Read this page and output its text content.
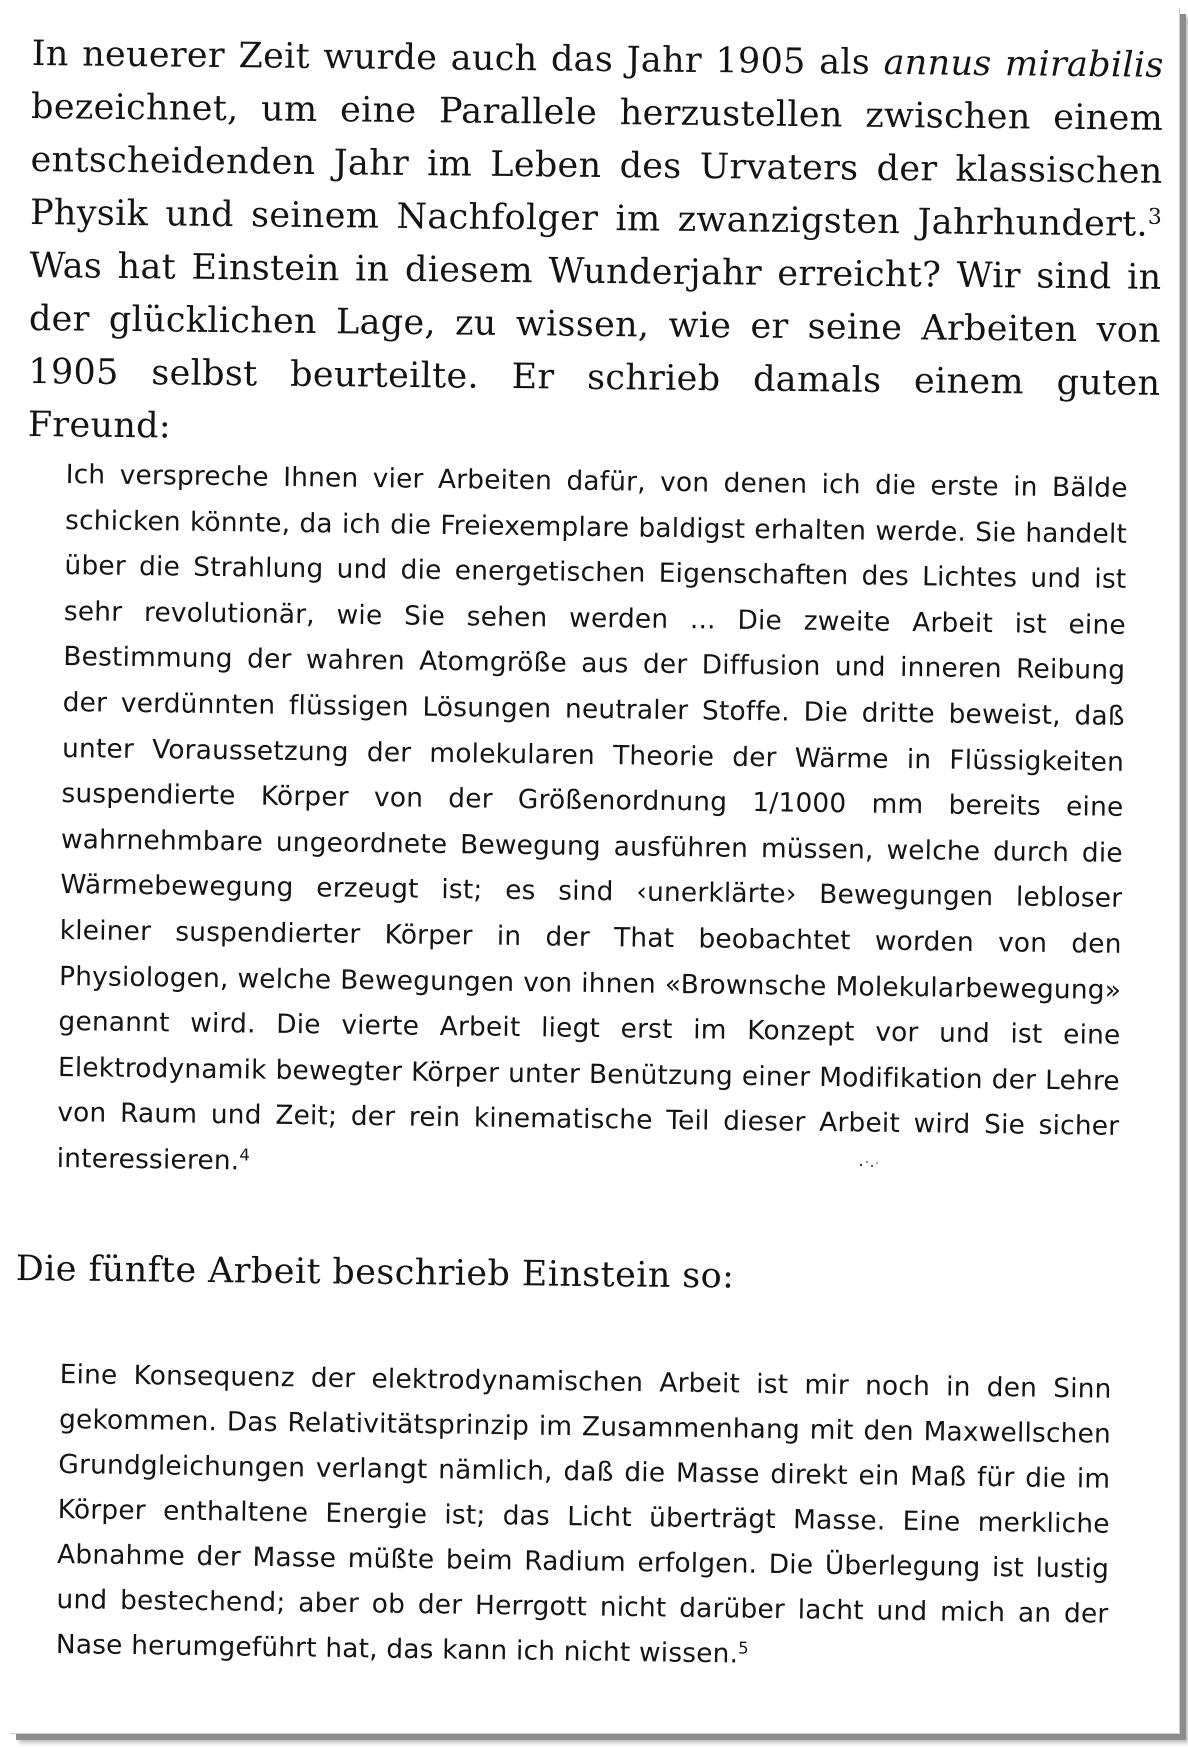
In neuerer Zeit wurde auch das Jahr 1905 als annus mirabilis bezeichnet, um eine Parallele herzustellen zwischen einem entscheidenden Jahr im Leben des Urvaters der klassischen Physik und seinem Nachfolger im zwanzigsten Jahrhundert.$^3$ Was hat Einstein in diesem Wunderjahr erreicht? Wir sind in der glücklichen Lage, zu wissen, wie er seine Arbeiten von 1905 selbst beurteilte. Er schrieb damals einem guten Freund:

Ich verspreche Ihnen vier Arbeiten dafür, von denen ich die erste in Bälde schicken könnte, da ich die Freiexemplare baldigst erhalten werde. Sie handelt über die Strahlung und die energetischen Eigenschaften des Lichtes und ist sehr revolutionär, wie Sie sehen werden ... Die zweite Arbeit ist eine Bestimmung der wahren Atomgröße aus der Diffusion und inneren Reibung der verdünnten flüssigen Lösungen neutraler Stoffe. Die dritte beweist, daß unter Voraussetzung der molekularen Theorie der Wärme in Flüssigkeiten suspendierte Körper von der Größenordnung 1/1000 mm bereits eine wahrnehmbare ungeordnete Bewegung ausführen müssen, welche durch die Wärmebewegung erzeugt ist; es sind ‹unerklärte› Bewegungen lebloser kleiner suspendierter Körper in der That beobachtet worden von den Physiologen, welche Bewegungen von ihnen «Brownsche Molekularbewegung» genannt wird. Die vierte Arbeit liegt erst im Konzept vor und ist eine Elektrodynamik bewegter Körper unter Benützung einer Modifikation der Lehre von Raum und Zeit; der rein kinematische Teil dieser Arbeit wird Sie sicher interessieren.$^4$

Die fünfte Arbeit beschrieb Einstein so:

Eine Konsequenz der elektrodynamischen Arbeit ist mir noch in den Sinn gekommen. Das Relativitätsprinzip im Zusammenhang mit den Maxwellschen Grundgleichungen verlangt nämlich, daß die Masse direkt ein Maß für die im Körper enthaltene Energie ist; das Licht überträgt Masse. Eine merkliche Abnahme der Masse müßte beim Radium erfolgen. Die Überlegung ist lustig und bestechend; aber ob der Herrgott nicht darüber lacht und mich an der Nase herumgeführt hat, das kann ich nicht wissen.$^5$
